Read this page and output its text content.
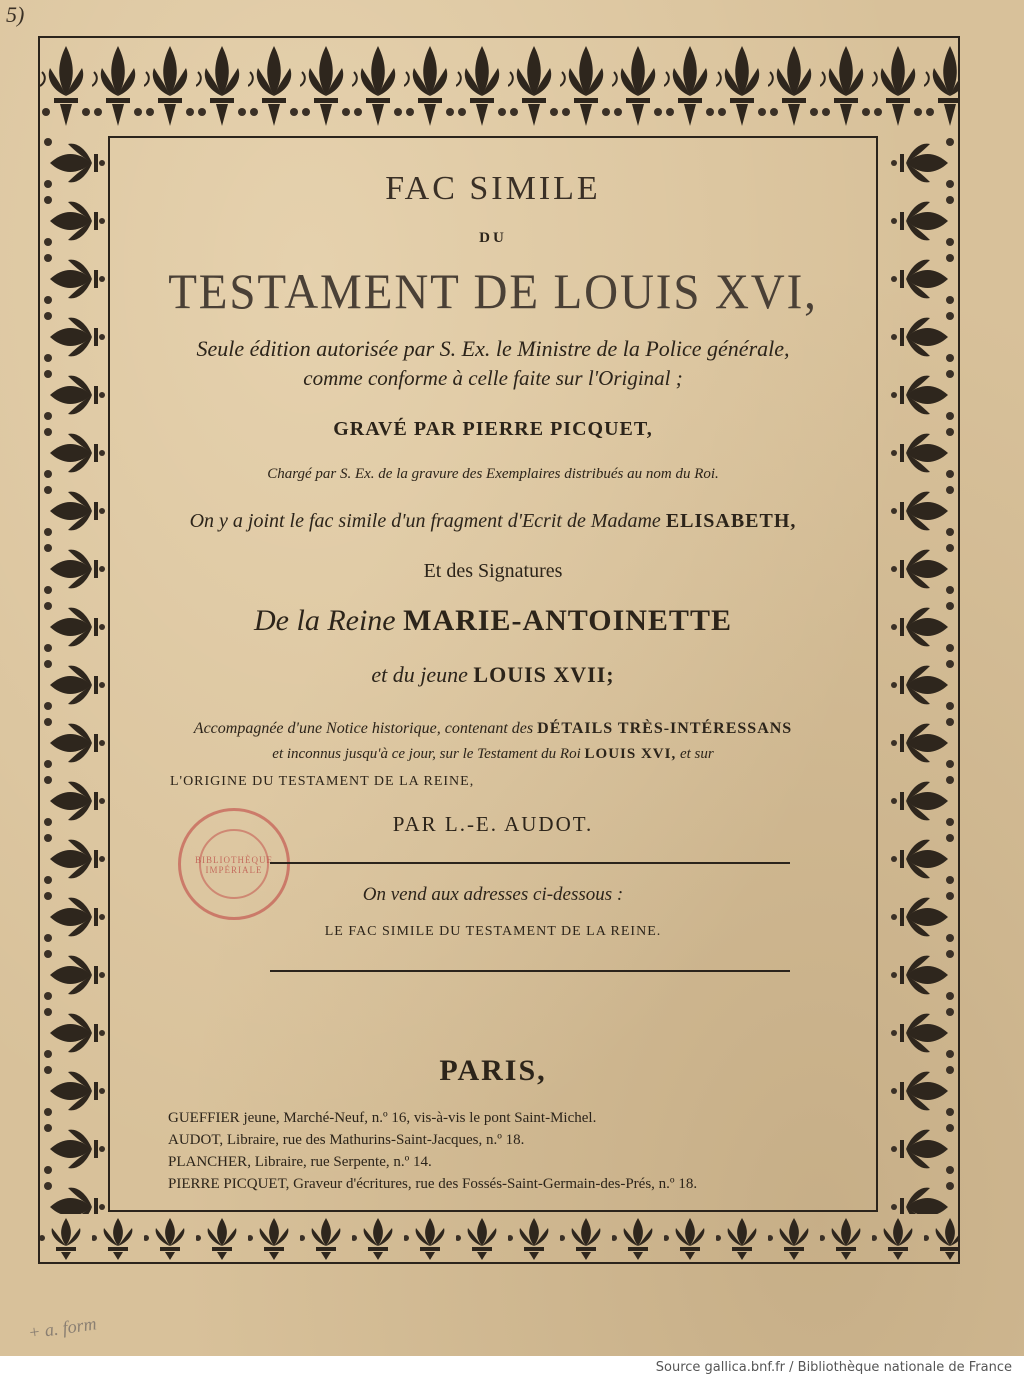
5)
BIBLIOTHÈQUE IMPÉRIALE
FAC SIMILE
DU
TESTAMENT DE LOUIS XVI,
Seule édition autorisée par S. Ex. le Ministre de la Police générale,
comme conforme à celle faite sur l'Original ;
GRAVÉ PAR PIERRE PICQUET,
Chargé par S. Ex. de la gravure des Exemplaires distribués au nom du Roi.
On y a joint le fac simile d'un fragment d'Ecrit de Madame ELISABETH,
Et des Signatures
De la Reine MARIE-ANTOINETTE
et du jeune LOUIS XVII;
Accompagnée d'une Notice historique, contenant des DÉTAILS TRÈS-INTÉRESSANS
et inconnus jusqu'à ce jour, sur le Testament du Roi LOUIS XVI, et sur
L'ORIGINE DU TESTAMENT DE LA REINE,
PAR L.-E. AUDOT.
On vend aux adresses ci-dessous :
LE FAC SIMILE DU TESTAMENT DE LA REINE.
PARIS,
GUEFFIER jeune, Marché-Neuf, n.º 16, vis-à-vis le pont Saint-Michel.
AUDOT, Libraire, rue des Mathurins-Saint-Jacques, n.º 18.
PLANCHER, Libraire, rue Serpente, n.º 14.
PIERRE PICQUET, Graveur d'écritures, rue des Fossés-Saint-Germain-des-Prés, n.º 18.
+ a. form
Source gallica.bnf.fr / Bibliothèque nationale de France
